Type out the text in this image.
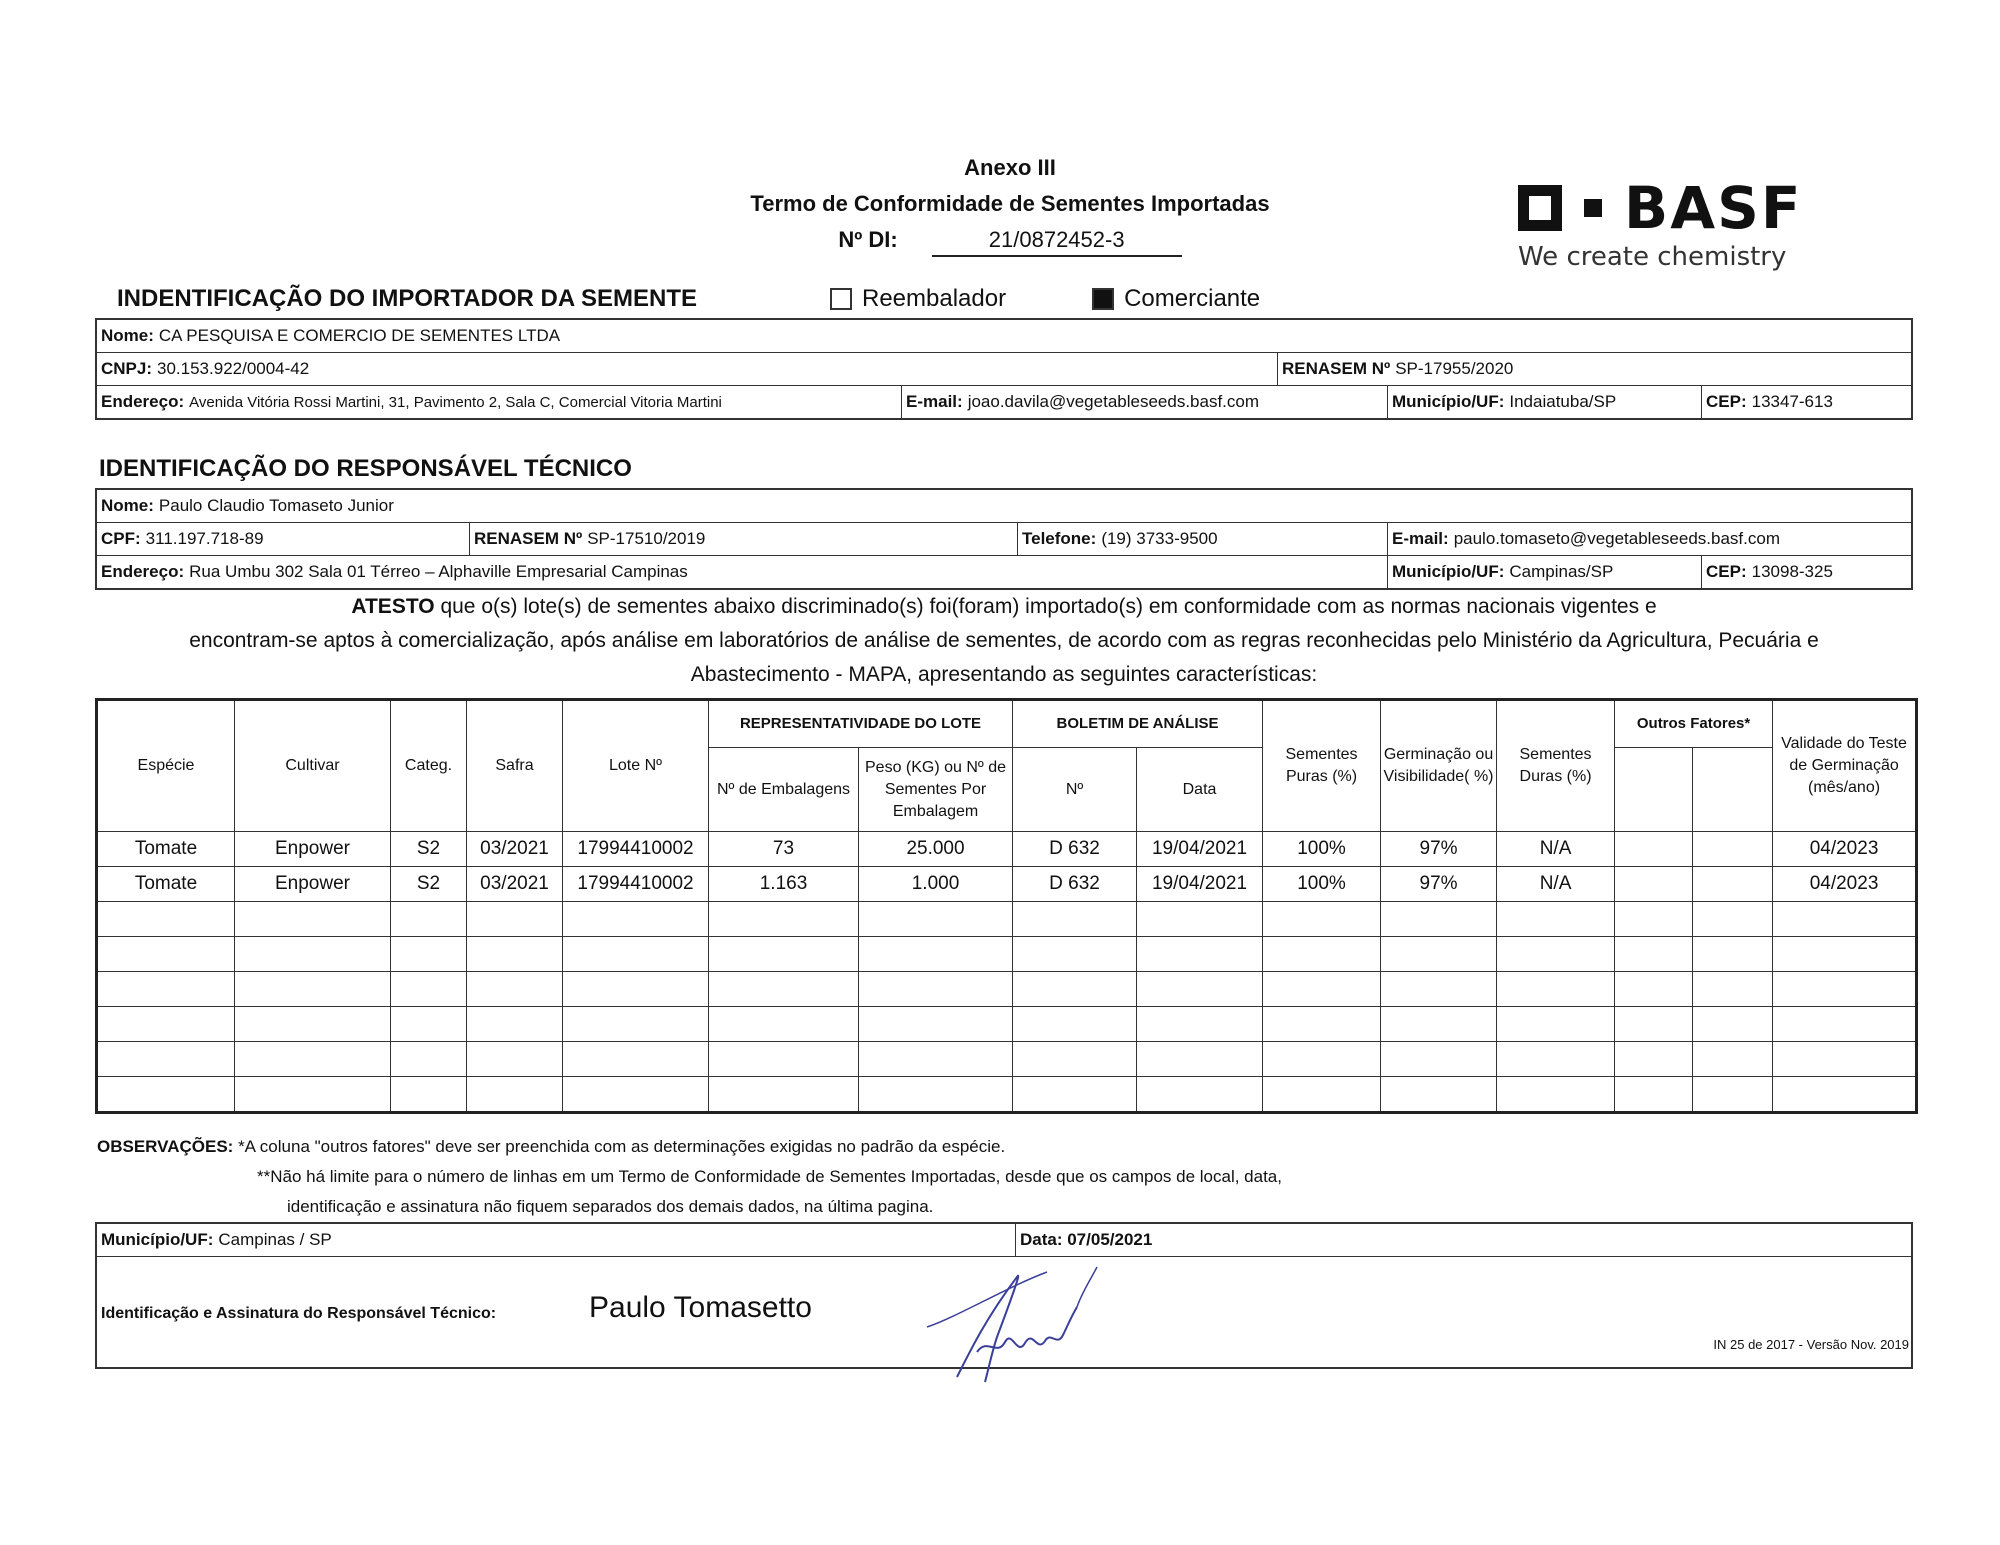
Anexo III
Termo de Conformidade de Sementes Importadas
Nº DI:	21/0872452-3	BASF
We create chemistry
INDENTIFICAÇÃO DO IMPORTADOR DA SEMENTE	Reembalador	Comerciante
Nome: CA PESQUISA E COMERCIO DE SEMENTES LTDA
CNPJ: 30.153.922/0004-42	RENASEM Nº SP-17955/2020
Endereço: Avenida Vitória Rossi Martini, 31, Pavimento 2, Sala C, Comercial Vitoria Martini	E-mail: joao.davila@vegetableseeds.basf.com	Município/UF: Indaiatuba/SP	CEP: 13347-613
IDENTIFICAÇÃO DO RESPONSÁVEL TÉCNICO
Nome: Paulo Claudio Tomaseto Junior
CPF: 311.197.718-89	RENASEM Nº SP-17510/2019	Telefone: (19) 3733-9500	E-mail: paulo.tomaseto@vegetableseeds.basf.com
Endereço: Rua Umbu 302 Sala 01 Térreo – Alphaville Empresarial Campinas	Município/UF: Campinas/SP	CEP: 13098-325
ATESTO que o(s) lote(s) de sementes abaixo discriminado(s) foi(foram) importado(s) em conformidade com as normas nacionais vigentes e
encontram-se aptos à comercialização, após análise em laboratórios de análise de sementes, de acordo com as regras reconhecidas pelo Ministério da Agricultura, Pecuária e
Abastecimento - MAPA, apresentando as seguintes características:
Espécie	Cultivar	Categ.	Safra	Lote Nº	REPRESENTATIVIDADE DO LOTE		BOLETIM DE ANÁLISE		Sementes Puras (%)	Germinação ou Visibilidade( %)	Sementes Duras (%)	Outros Fatores*		Validade do Teste de Germinação (mês/ano)
					Nº de Embalagens	Peso (KG) ou Nº de Sementes Por Embalagem	Nº	Data						
Tomate	Enpower	S2	03/2021	17994410002	73	25.000	D 632	19/04/2021	100%	97%	N/A			04/2023
Tomate	Enpower	S2	03/2021	17994410002	1.163	1.000	D 632	19/04/2021	100%	97%	N/A			04/2023

OBSERVAÇÕES: *A coluna "outros fatores" deve ser preenchida com as determinações exigidas no padrão da espécie.
**Não há limite para o número de linhas em um Termo de Conformidade de Sementes Importadas, desde que os campos de local, data,
identificação e assinatura não fiquem separados dos demais dados, na última pagina.
Município/UF: Campinas / SP	Data: 07/05/2021
Identificação e Assinatura do Responsável Técnico:	Paulo Tomasetto
IN 25 de 2017 - Versão Nov. 2019
